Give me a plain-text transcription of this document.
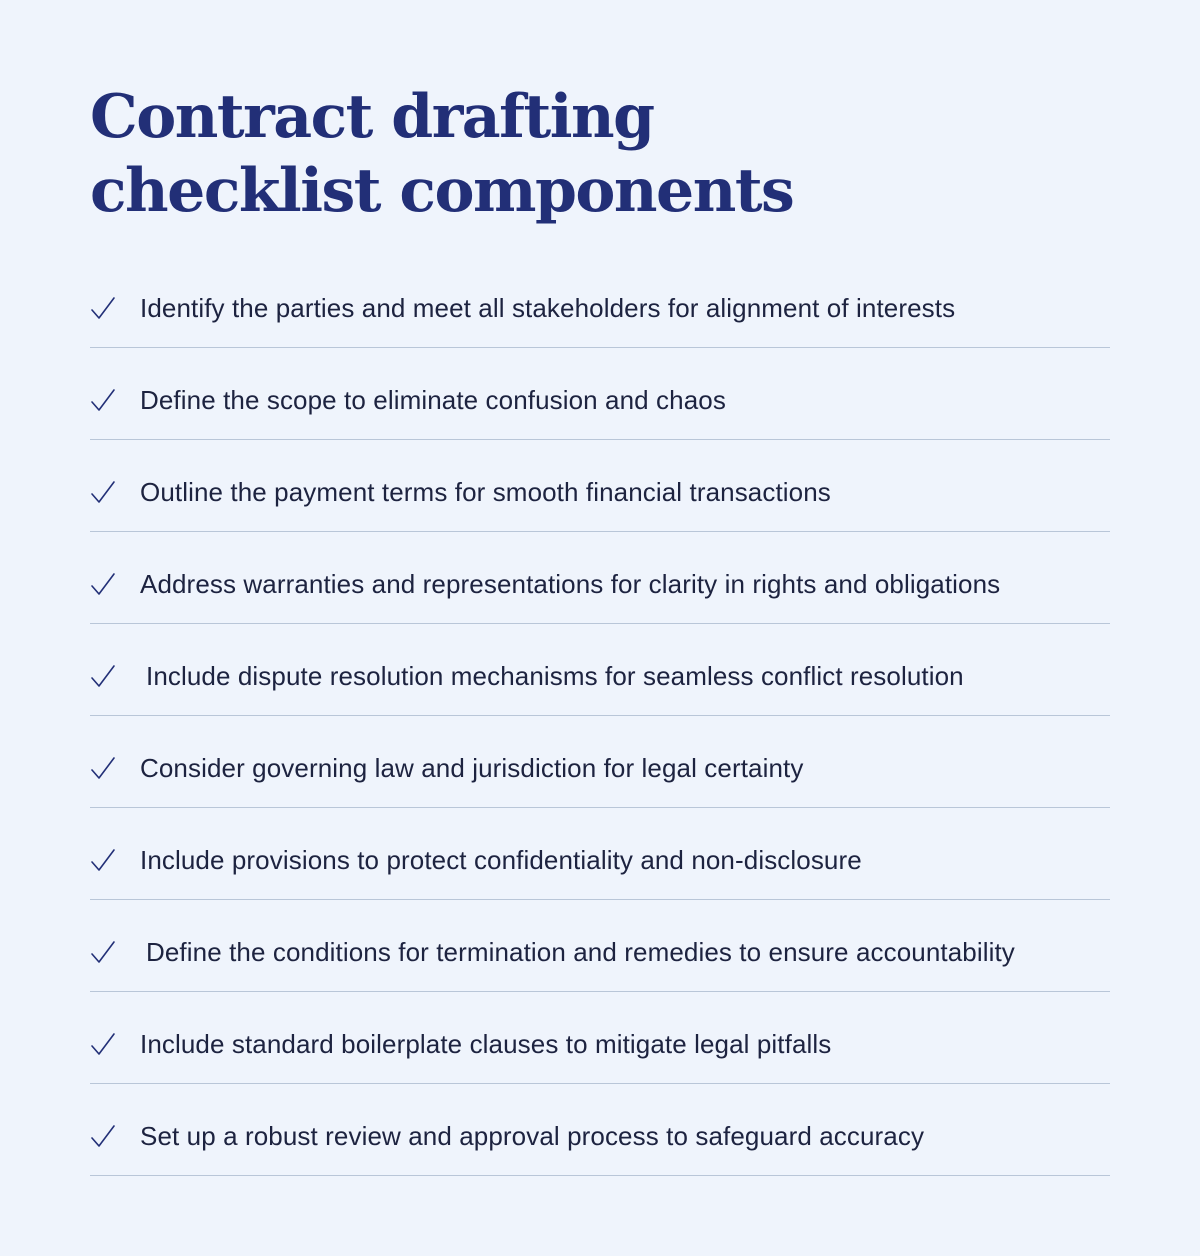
Contract drafting
checklist components
Identify the parties and meet all stakeholders for alignment of interests
Define the scope to eliminate confusion and chaos
Outline the payment terms for smooth financial transactions
Address warranties and representations for clarity in rights and obligations
Include dispute resolution mechanisms for seamless conflict resolution
Consider governing law and jurisdiction for legal certainty
Include provisions to protect confidentiality and non-disclosure
Define the conditions for termination and remedies to ensure accountability
Include standard boilerplate clauses to mitigate legal pitfalls
Set up a robust review and approval process to safeguard accuracy
